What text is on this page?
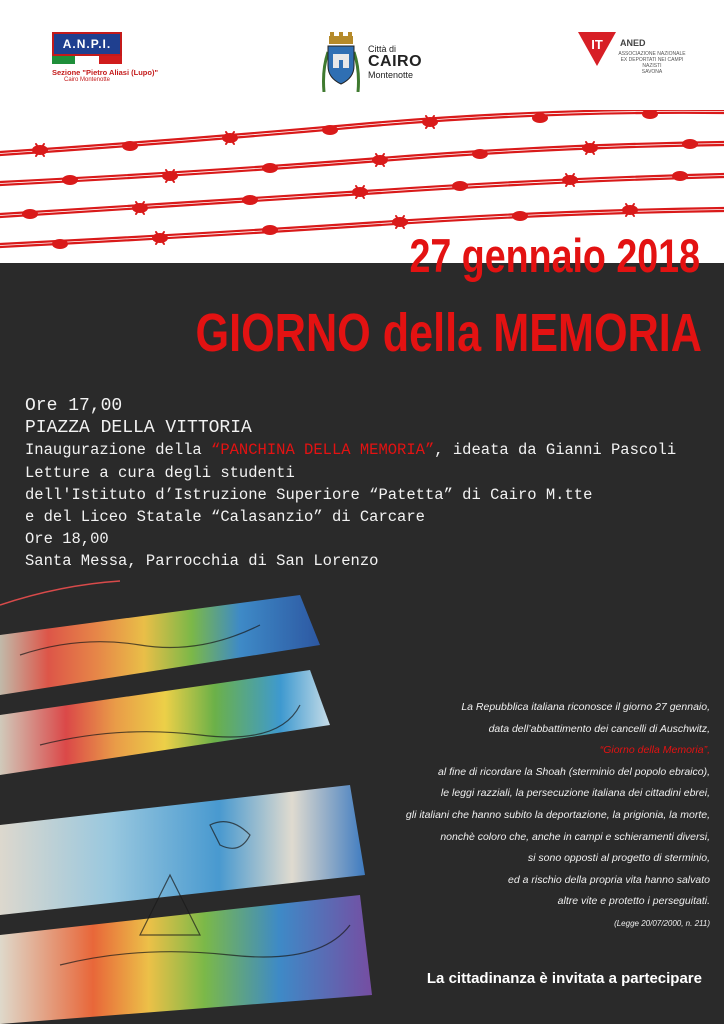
A.N.P.I.
Sezione "Pietro Aliasi (Lupo)"
Cairo Montenotte
Città di
CAIRO
Montenotte
IT	ANED
ASSOCIAZIONE NAZIONALE
EX DEPORTATI NEI CAMPI NAZISTI
SAVONA
27 gennaio 2018
GIORNO della MEMORIA

Ore 17,00

PIAZZA DELLA VITTORIA

Inaugurazione della “PANCHINA DELLA MEMORIA”, ideata da Gianni Pascoli

Letture a cura degli studenti

dell'Istituto d’Istruzione Superiore “Patetta” di Cairo M.tte

e del Liceo Statale “Calasanzio” di Carcare

Ore 18,00

Santa Messa, Parrocchia di San Lorenzo

La Repubblica italiana riconosce il giorno 27 gennaio,

data dell’abbattimento dei cancelli di Auschwitz,

“Giorno della Memoria”,

al fine di ricordare la Shoah (sterminio del popolo ebraico),

le leggi razziali, la persecuzione italiana dei cittadini ebrei,

gli italiani che hanno subito la deportazione, la prigionia, la morte,

nonchè coloro che, anche in campi e schieramenti diversi,

si sono opposti al progetto di sterminio,

ed a rischio della propria vita hanno salvato

altre vite e protetto i perseguitati.

(Legge 20/07/2000, n. 211)

La cittadinanza è invitata a partecipare
